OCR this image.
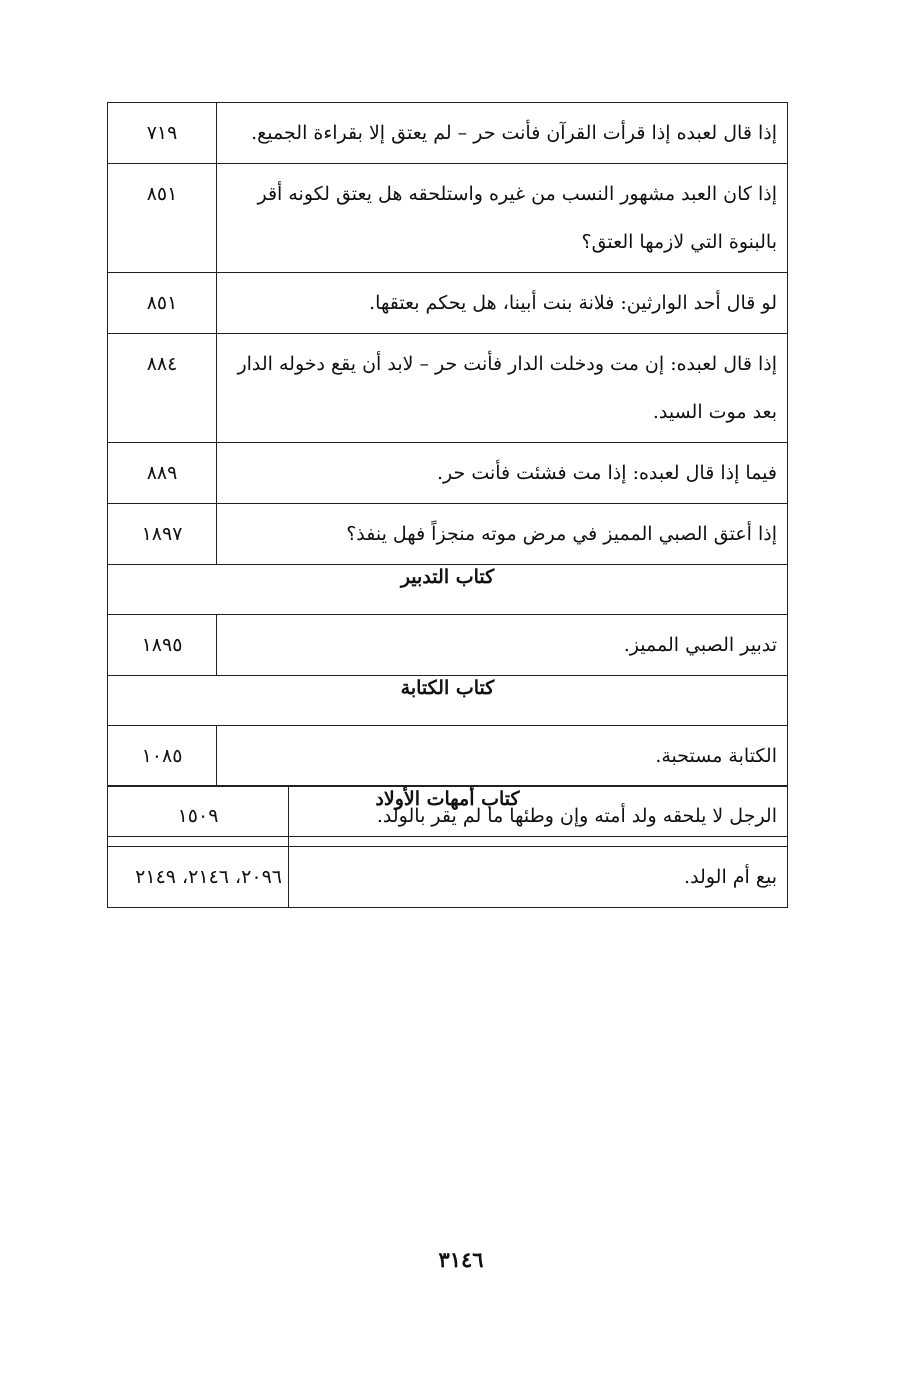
إذا قال لعبده إذا قرأت القرآن فأنت حر – لم يعتق إلا بقراءة الجميع.	٧١٩
إذا كان العبد مشهور النسب من غيره واستلحقه هل يعتق لكونه أقر بالبنوة التي لازمها العتق؟	٨٥١
لو قال أحد الوارثين: فلانة بنت أبينا، هل يحكم بعتقها.	٨٥١
إذا قال لعبده: إن مت ودخلت الدار فأنت حر – لابد أن يقع دخوله الدار بعد موت السيد.	٨٨٤
فيما إذا قال لعبده: إذا مت فشئت فأنت حر.	٨٨٩
إذا أعتق الصبي المميز في مرض موته منجزاً فهل ينفذ؟	١٨٩٧
كتاب التدبير	
تدبير الصبي المميز.	١٨٩٥
كتاب الكتابة	
الكتابة مستحبة.	١٠٨٥
كتاب أمهات الأولاد	
الرجل لا يلحقه ولد أمته وإن وطئها ما لم يقر بالولد.	١٥٠٩
بيع أم الولد.	٢٠٩٦، ٢١٤٦، ٢١٤٩
٣١٤٦
